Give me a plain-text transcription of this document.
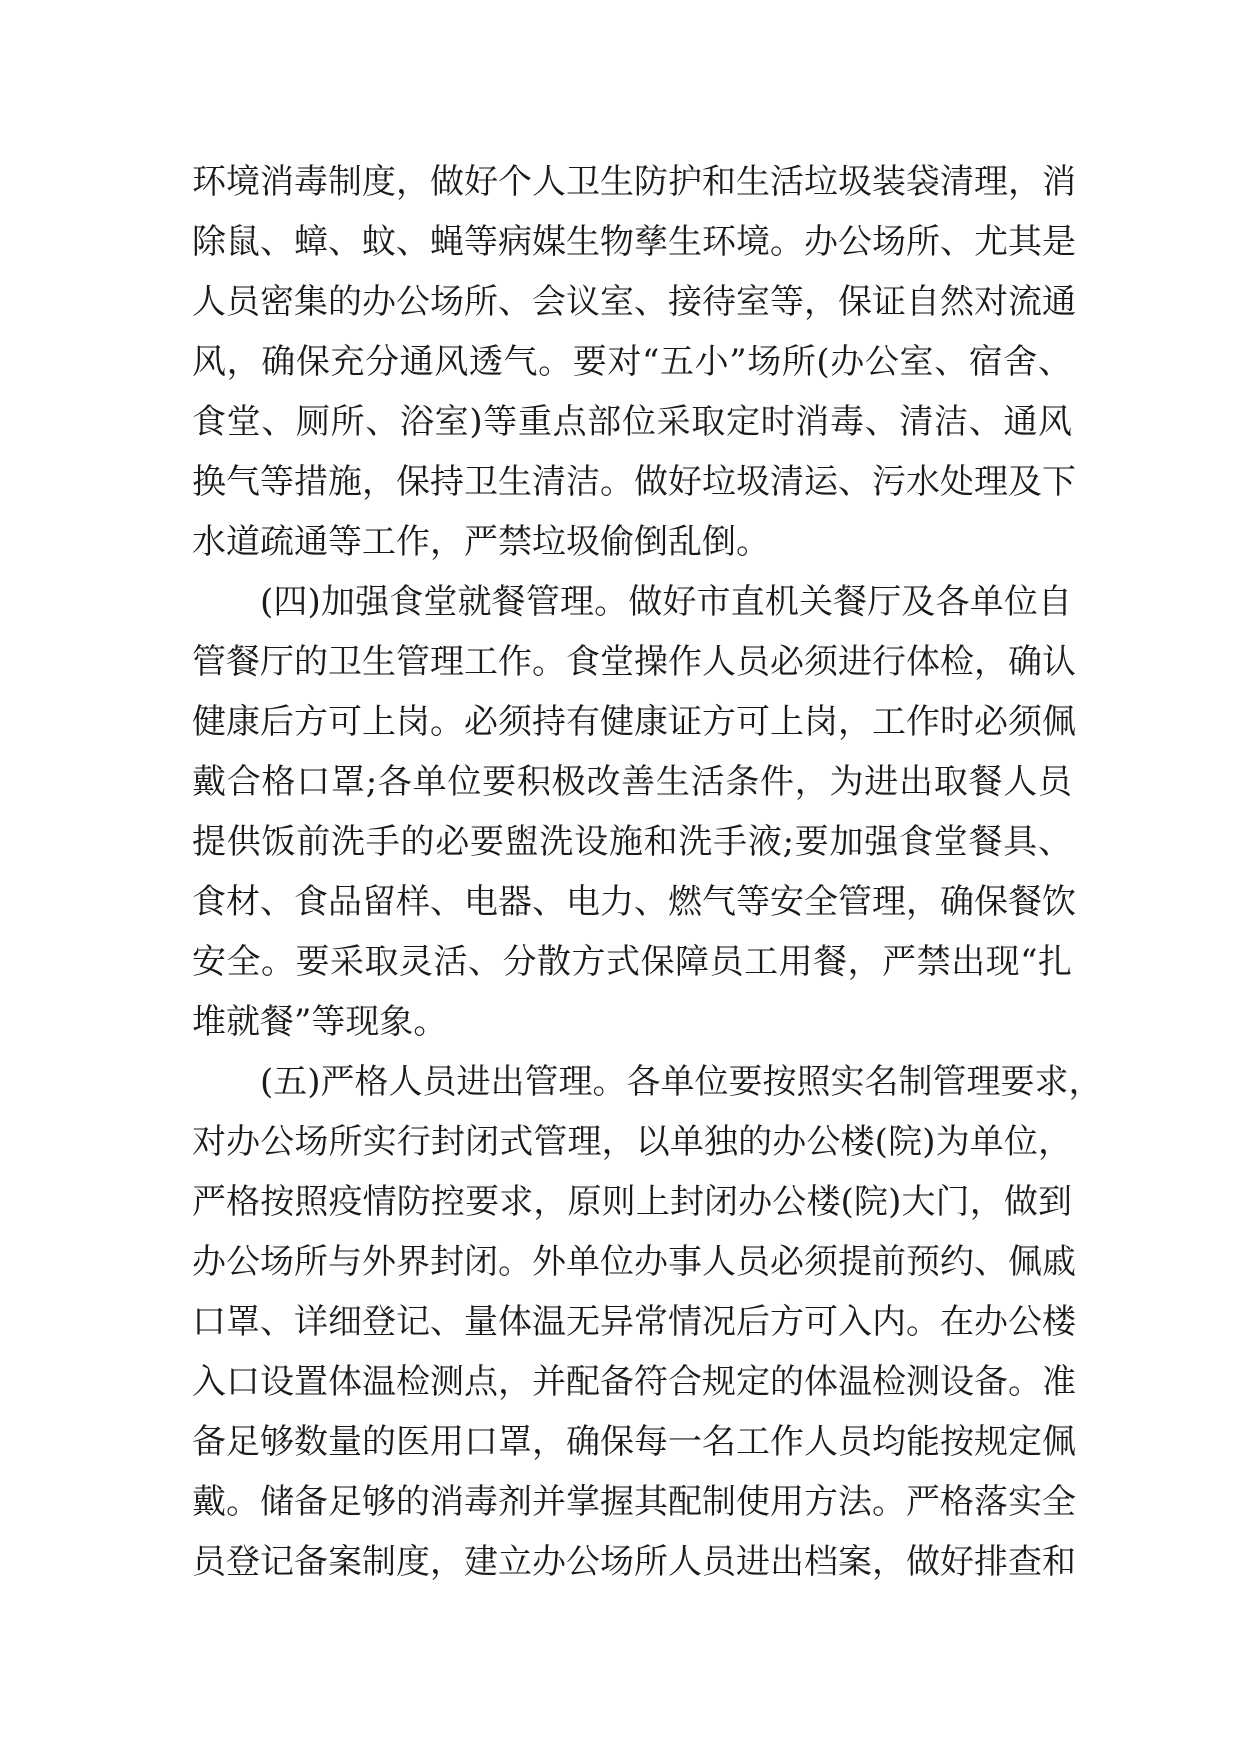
环境消毒制度，做好个人卫生防护和生活垃圾装袋清理，消
除鼠、蟑、蚊、蝇等病媒生物孳生环境。办公场所、尤其是
人员密集的办公场所、会议室、接待室等，保证自然对流通
风，确保充分通风透气。要对“五小”场所(办公室、宿舍、
食堂、厕所、浴室)等重点部位采取定时消毒、清洁、通风
换气等措施，保持卫生清洁。做好垃圾清运、污水处理及下
水道疏通等工作，严禁垃圾偷倒乱倒。
(四)加强食堂就餐管理。做好市直机关餐厅及各单位自
管餐厅的卫生管理工作。食堂操作人员必须进行体检，确认
健康后方可上岗。必须持有健康证方可上岗，工作时必须佩
戴合格口罩;各单位要积极改善生活条件，为进出取餐人员
提供饭前洗手的必要盥洗设施和洗手液;要加强食堂餐具、
食材、食品留样、电器、电力、燃气等安全管理，确保餐饮
安全。要采取灵活、分散方式保障员工用餐，严禁出现“扎
堆就餐”等现象。
(五)严格人员进出管理。各单位要按照实名制管理要求，
对办公场所实行封闭式管理，以单独的办公楼(院)为单位，
严格按照疫情防控要求，原则上封闭办公楼(院)大门，做到
办公场所与外界封闭。外单位办事人员必须提前预约、佩戚
口罩、详细登记、量体温无异常情况后方可入内。在办公楼
入口设置体温检测点，并配备符合规定的体温检测设备。准
备足够数量的医用口罩，确保每一名工作人员均能按规定佩
戴。储备足够的消毒剂并掌握其配制使用方法。严格落实全
员登记备案制度，建立办公场所人员进出档案，做好排查和
